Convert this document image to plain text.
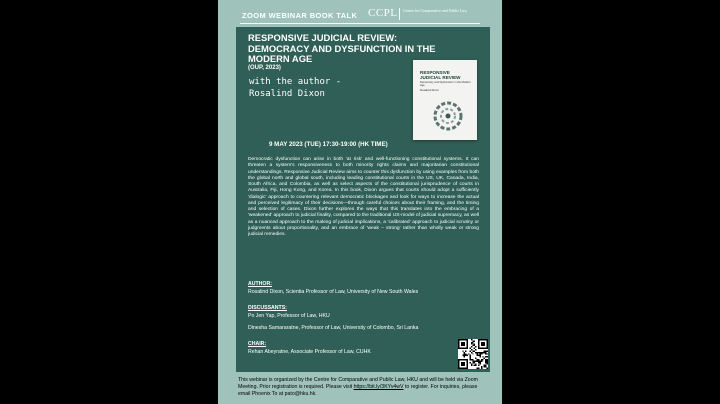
ZOOM WEBINAR BOOK TALK CCPL Centre for Comparative and Public Law
RESPONSIVE JUDICIAL REVIEW: DEMOCRACY AND DYSFUNCTION IN THE MODERN AGE
(OUP, 2023)
with the author - Rosalind Dixon
RESPONSIVE JUDICIAL REVIEW
Democracy and Dysfunction in the Modern Age
Rosalind Dixon
9 MAY 2023 (TUE) 17:30-19:00 (HK TIME)

Democratic dysfunction can arise in both 'at risk' and well-functioning constitutional systems. It can threaten a system's responsiveness to both minority rights claims and majoritarian constitutional understandings. Responsive Judicial Review aims to counter this dysfunction by using examples from both the global north and global south, including leading constitutional courts in the US, UK, Canada, India, South Africa, and Colombia, as well as select aspects of the constitutional jurisprudence of courts in Australia, Fiji, Hong Kong, and Korea. In this book, Dixon argues that courts should adopt a sufficiently 'dialogic' approach to countering relevant democratic blockages and look for ways to increase the actual and perceived legitimacy of their decisions—through careful choices about their framing, and the timing and selection of cases. Dixon further explores the ways that this translates into the embracing of a 'weakened' approach to judicial finality, compared to the traditional US-model of judicial supremacy, as well as a nuanced approach to the making of judicial implications, a 'calibrated' approach to judicial scrutiny or judgments about proportionality, and an embrace of 'weak – strong' rather than wholly weak or strong judicial remedies.

AUTHOR:
Rosalind Dixon, Scientia Professor of Law, University of New South Wales
DISCUSSANTS:
Po Jen Yap, Professor of Law, HKU
Dinesha Samararatne, Professor of Law, University of Colombo, Sri Lanka
CHAIR:
Rehan Abeyratne, Associate Professor of Law, CUHK

This webinar is organized by the Centre for Comparative and Public Law, HKU and will be held via Zoom Meeting. Prior registration is required. Please visit https://bit.ly/3KYv4wV to register. For inquiries, please email Phoenix To at pato@hku.hk.
